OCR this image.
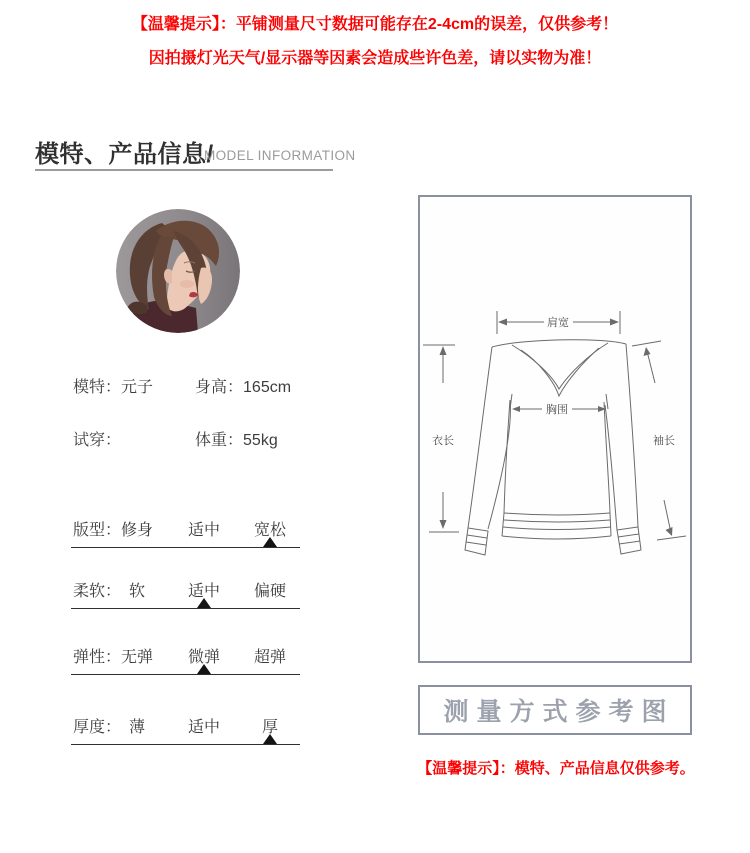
【温馨提示】：平铺测量尺寸数据可能存在2-4cm的误差，仅供参考！
因拍摄灯光天气/显示器等因素会造成些许色差，请以实物为准！
模特、产品信息/
MODEL INFORMATION
模特：元子	身高：165cm
试穿：	体重：55kg
版型： 修身 适中 宽松
柔软： 软	适中 偏硬
弹性： 无弹 微弹 超弹
厚度： 薄	适中	厚
肩宽
胸围
衣长	袖长
测量方式参考图
【温馨提示】：模特、产品信息仅供参考。
